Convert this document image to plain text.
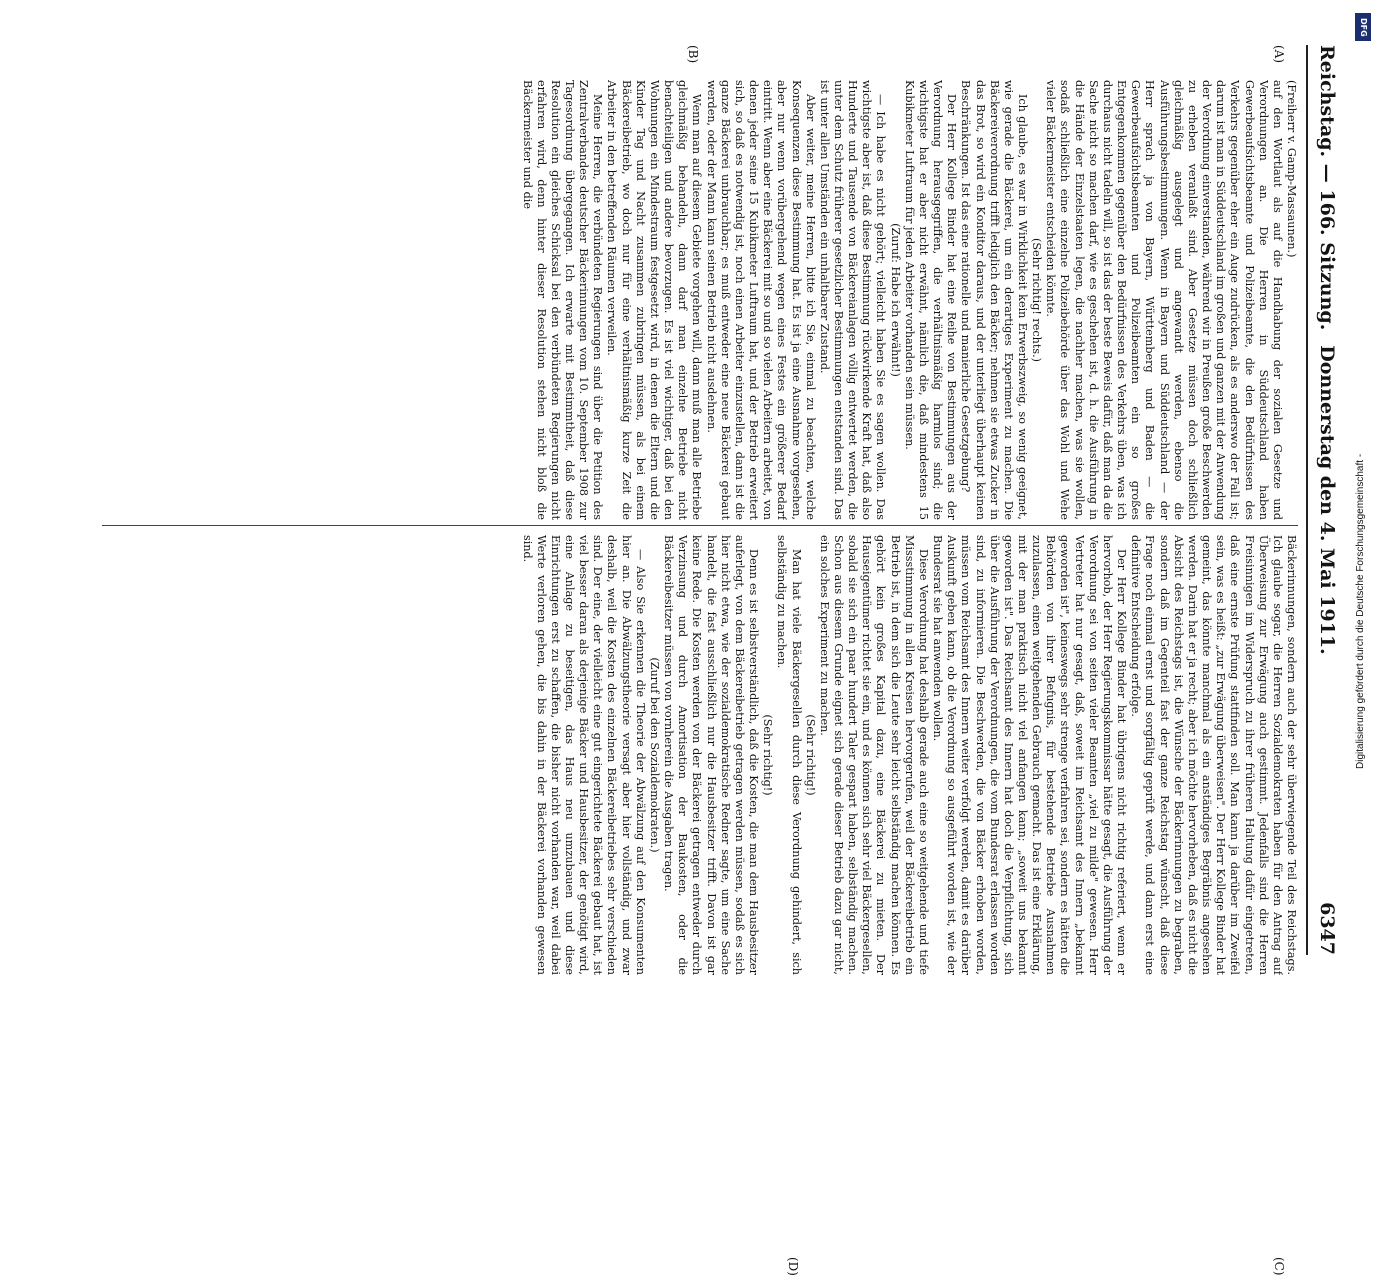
Reichstag. — 166. Sitzung.
Donnerstag den 4. Mai 1911.
6347
(A)
(B)
(C)
(D)

(Freiherr v. Gamp-Massaunen.)

auf den Wortlaut als auf die Handhabung der sozialen Gesetze und Verordnungen an. Die Herren in Süddeutschland haben Gewerbeaufsichtsbeamte und Polizeibeamte, die den Bedürfnissen des Verkehrs gegenüber eher ein Auge zudrücken, als es anderswo der Fall ist; darum ist man in Süddeutschland im großen und ganzen mit der Anwendung der Verordnung einverstanden, während wir in Preußen große Beschwerden zu erheben veranlaßt sind. Aber Gesetze müssen doch schließlich gleichmäßig ausgelegt und angewandt werden, ebenso die Ausführungsbestimmungen. Wenn in Bayern und Süddeutschland — der Herr sprach ja von Bayern, Württemberg und Baden — die Gewerbeaufsichtsbeamten und Polizeibeamten ein so großes Entgegenkommen gegenüber den Bedürfnissen des Verkehrs üben, was ich durchaus nicht tadeln will, so ist das der beste Beweis dafür, daß man da die Sache nicht so machen darf, wie es geschehen ist, d. h. die Ausführung in die Hände der Einzelstaaten legen, die nachher machen, was sie wollen, sodaß schließlich eine einzelne Polizeibehörde über das Wohl und Wehe vieler Bäckermeister entscheiden könnte.

(Sehr richtig! rechts.)

Ich glaube, es war in Wirklichkeit kein Erwerbszweig, so wenig geeignet, wie gerade die Bäckerei, um ein derartiges Experiment zu machen. Die Bäckereiverordnung trifft lediglich den Bäcker; nehmen sie etwas Zucker in das Brot, so wird ein Konditor daraus, und der unterliegt überhaupt keinen Beschränkungen. Ist das eine rationelle und manierliche Gesetzgebung?

Der Herr Kollege Binder hat eine Reihe von Bestimmungen aus der Verordnung herausgegriffen, die verhältnismäßig harmlos sind; die wichtigste hat er aber nicht erwähnt, nämlich die, daß mindestens 15 Kubikmeter Luftraum für jeden Arbeiter vorhanden sein müssen.

(Zuruf: Habe ich erwähnt!)

— Ich habe es nicht gehört; vielleicht haben Sie es sagen wollen. Das wichtigste aber ist, daß diese Bestimmung rückwirkende Kraft hat, daß also Hunderte und Tausende von Bäckereianlagen völlig entwertet werden, die unter dem Schutz früherer gesetzlicher Bestimmungen entstanden sind. Das ist unter allen Umständen ein unhaltbarer Zustand.

Aber weiter, meine Herren, bitte ich Sie, einmal zu beachten, welche Konsequenzen diese Bestimmung hat. Es ist ja eine Ausnahme vorgesehen, aber nur wenn vorübergehend wegen eines Festes ein größerer Bedarf eintritt. Wenn aber eine Bäckerei mit so und so vielen Arbeitern arbeitet, von denen jeder seine 15 Kubikmeter Luftraum hat, und der Betrieb erweitert sich, so daß es notwendig ist, noch einen Arbeiter einzustellen, dann ist die ganze Bäckerei unbrauchbar; es muß entweder eine neue Bäckerei gebaut werden, oder der Mann kann seinen Betrieb nicht ausdehnen.

Wenn man auf diesem Gebiete vorgehen will, dann muß man alle Betriebe gleichmäßig behandeln, dann darf man einzelne Betriebe nicht benachteiligen und andere bevorzugen. Es ist viel wichtiger, daß bei den Wohnungen ein Mindestraum festgesetzt wird, in denen die Eltern und die Kinder Tag und Nacht zusammen zubringen müssen, als bei einem Bäckereibetrieb, wo doch nur für eine verhältnismäßig kurze Zeit die Arbeiter in den betreffenden Räumen verweilen.

Meine Herren, die verbündeten Regierungen sind über die Petition des Zentralverbandes deutscher Bäckerinnungen vom 10. September 1908 zur Tagesordnung übergegangen. Ich erwarte mit Bestimmtheit, daß diese Resolution ein gleiches Schicksal bei den verbündeten Regierungen nicht erfahren wird, denn hinter dieser Resolution stehen nicht bloß die Bäckermeister und die

Bäckerinnungen, sondern auch der sehr überwiegende Teil des Reichstags. Ich glaube sogar, die Herren Sozialdemokraten haben für den Antrag auf Überweisung zur Erwägung auch gestimmt. Jedenfalls sind die Herren Freisinnigen im Widerspruch zu ihrer früheren Haltung dafür eingetreten, daß eine ernste Prüfung stattfinden soll. Man kann ja darüber im Zweifel sein, was es heißt: „zur Erwägung überweisen". Der Herr Kollege Binder hat gemeint, das könnte manchmal als ein anständiges Begräbnis angesehen werden. Darin hat er ja recht; aber ich möchte hervorheben, daß es nicht die Absicht des Reichstags ist, die Wünsche der Bäckerinnungen zu begraben, sondern daß im Gegenteil fast der ganze Reichstag wünscht, daß diese Frage noch einmal ernst und sorgfältig geprüft werde, und dann erst eine definitive Entscheidung erfolge.

Der Herr Kollege Binder hat übrigens nicht richtig referiert, wenn er hervorhob, der Herr Regierungskommissar hätte gesagt, die Ausführung der Verordnung sei von seiten vieler Beamten „viel zu milde" gewesen. Herr Vertreter hat nur gesagt, daß, soweit im Reichsamt des Innern „bekannt geworden ist", keineswegs sehr strenge verfahren sei, sondern es hätten die Behörden von ihrer Befugnis, für bestehende Betriebe Ausnahmen zuzulassen, einen weitgehenden Gebrauch gemacht. Das ist eine Erklärung, mit der man praktisch nicht viel anfangen kann; „soweit uns bekannt geworden ist". Das Reichsamt des Innern hat doch die Verpflichtung, sich über die Ausführung der Verordnungen, die vom Bundesrat erlassen worden sind, zu informieren. Die Beschwerden, die von Bäcker erhoben worden, müssen vom Reichsamt des Innern weiter verfolgt werden, damit es darüber Auskunft geben kann, ob die Verordnung so ausgeführt worden ist, wie der Bundesrat sie hat anwenden wollen.

Diese Verordnung hat deshalb gerade auch eine so weitgehende und tiefe Missstimmung in allen Kreisen hervorgerufen, weil der Bäckereibetrieb ein Betrieb ist, in dem sich die Leute sehr leicht selbständig machen können. Es gehört kein großes Kapital dazu, eine Bäckerei zu mieten. Der Hauseigentümer richtet sie ein, und es können sich sehr viel Bäckergesellen, sobald sie sich ein paar hundert Taler gespart haben, selbständig machen. Schon aus diesem Grunde eignet sich gerade dieser Betrieb dazu gar nicht, ein solches Experiment zu machen.

(Sehr richtig!)

Man hat viele Bäckergesellen durch diese Verordnung gehindert, sich selbständig zu machen.

(Sehr richtig!)

Denn es ist selbstverständlich, daß die Kosten, die man dem Hausbesitzer auferlegt, von dem Bäckereibetrieb getragen werden müssen, sodaß es sich hier nicht etwa, wie der sozialdemokratische Redner sagte, um eine Sache handelt, die fast ausschließlich nur die Hausbesitzer trifft. Davon ist gar keine Rede. Die Kosten werden von der Bäckerei getragen entweder durch Verzinsung und durch Amortisation der Baukosten, oder die Bäckereibesitzer müssen von vornherein die Ausgaben tragen.

(Zuruf bei den Sozialdemokraten.)

— Also Sie erkennen die Theorie der Abwälzung auf den Konsumenten hier an. Die Abwälzungstheorie versagt aber hier vollständig, und zwar deshalb, weil die Kosten des einzelnen Bäckereibetriebes sehr verschieden sind. Der eine, der vielleicht eine gut eingerichtete Bäckerei gebaut hat, ist viel besser daran als derjenige Bäcker und Hausbesitzer, der genötigt wird, eine Anlage zu beseitigen, das Haus neu umzubauen und diese Einrichtungen erst zu schaffen, die bisher nicht vorhanden war, weil dabei Werte verloren gehen, die bis dahin in der Bäckerei vorhanden gewesen sind.

DFG
Digitalisierung gefördert durch die Deutsche Forschungsgemeinschaft -
